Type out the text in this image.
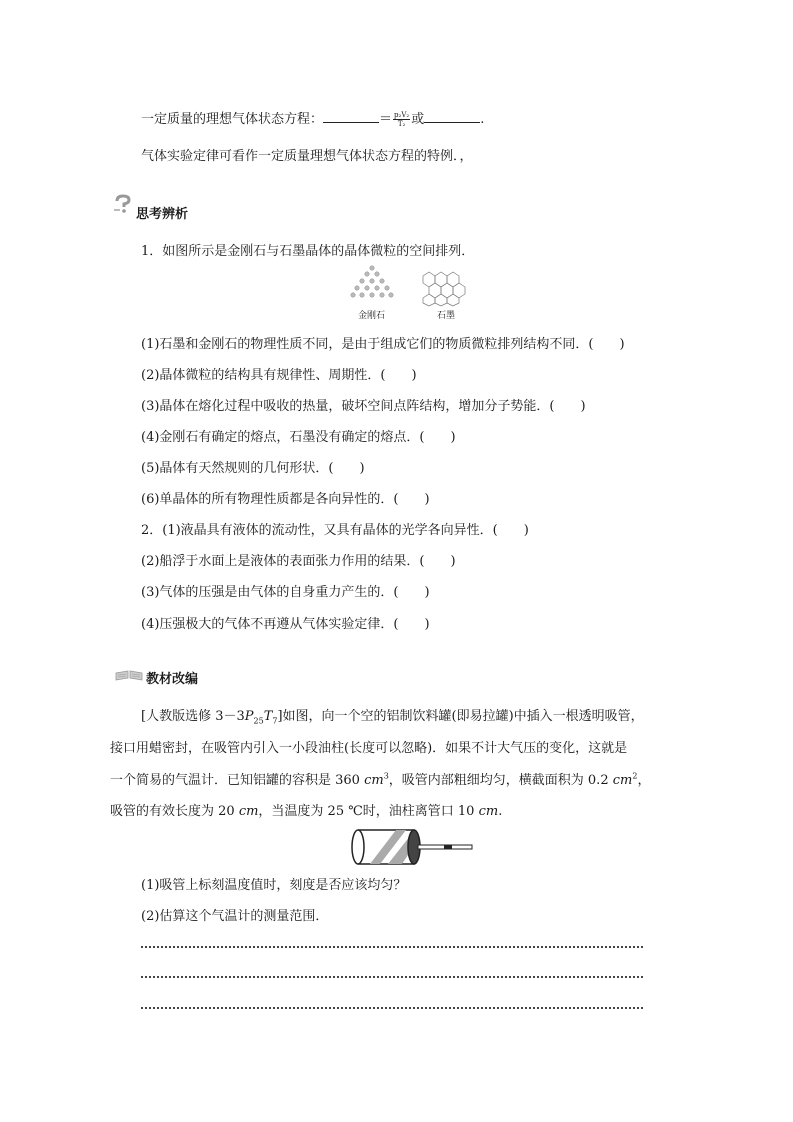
一定质量的理想气体状态方程：	＝ $\frac{\text{p₂V₂}}{\text{T₂}}$ 或	.
气体实验定律可看作一定质量理想气体状态方程的特例．，
思考辨析
1．如图所示是金刚石与石墨晶体的晶体微粒的空间排列．
金刚石	石墨
(1)石墨和金刚石的物理性质不同，是由于组成它们的物质微粒排列结构不同．(　　)
(2)晶体微粒的结构具有规律性、周期性．(　　)
(3)晶体在熔化过程中吸收的热量，破坏空间点阵结构，增加分子势能．(　　)
(4)金刚石有确定的熔点，石墨没有确定的熔点．(　　)
(5)晶体有天然规则的几何形状．(　　)
(6)单晶体的所有物理性质都是各向异性的．(　　)
2．(1)液晶具有液体的流动性，又具有晶体的光学各向异性．(　　)
(2)船浮于水面上是液体的表面张力作用的结果．(　　)
(3)气体的压强是由气体的自身重力产生的．(　　)
(4)压强极大的气体不再遵从气体实验定律．(　　)
教材改编
[人教版选修 $3-3P_{25}T_7$]如图，向一个空的铝制饮料罐(即易拉罐)中插入一根透明吸管，
接口用蜡密封，在吸管内引入一小段油柱(长度可以忽略)．如果不计大气压的变化，这就是
一个简易的气温计．已知铝罐的容积是 360 $cm^3$，吸管内部粗细均匀，横截面积为 0.2 $cm^2$，
吸管的有效长度为 20 cm，当温度为 25 ℃时，油柱离管口 10 cm.
(1)吸管上标刻温度值时，刻度是否应该均匀？
(2)估算这个气温计的测量范围．
